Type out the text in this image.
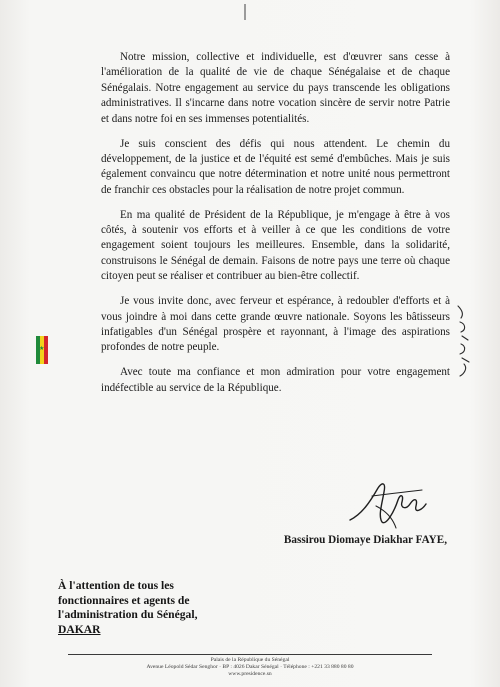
Notre mission, collective et individuelle, est d'œuvrer sans cesse à l'amélioration de la qualité de vie de chaque Sénégalaise et de chaque Sénégalais. Notre engagement au service du pays transcende les obligations administratives. Il s'incarne dans notre vocation sincère de servir notre Patrie et dans notre foi en ses immenses potentialités.

Je suis conscient des défis qui nous attendent. Le chemin du développement, de la justice et de l'équité est semé d'embûches. Mais je suis également convaincu que notre détermination et notre unité nous permettront de franchir ces obstacles pour la réalisation de notre projet commun.

En ma qualité de Président de la République, je m'engage à être à vos côtés, à soutenir vos efforts et à veiller à ce que les conditions de votre engagement soient toujours les meilleures. Ensemble, dans la solidarité, construisons le Sénégal de demain. Faisons de notre pays une terre où chaque citoyen peut se réaliser et contribuer au bien-être collectif.

Je vous invite donc, avec ferveur et espérance, à redoubler d'efforts et à vous joindre à moi dans cette grande œuvre nationale. Soyons les bâtisseurs infatigables d'un Sénégal prospère et rayonnant, à l'image des aspirations profondes de notre peuple.

Avec toute ma confiance et mon admiration pour votre engagement indéfectible au service de la République.

★
Bassirou Diomaye Diakhar FAYE,
À l'attention de tous les
fonctionnaires et agents de
l'administration du Sénégal,
DAKAR
Palais de la République du Sénégal
Avenue Léopold Sédar Senghor · BP : 4026 Dakar Sénégal · Téléphone : +221 33 880 80 80
www.presidence.sn
